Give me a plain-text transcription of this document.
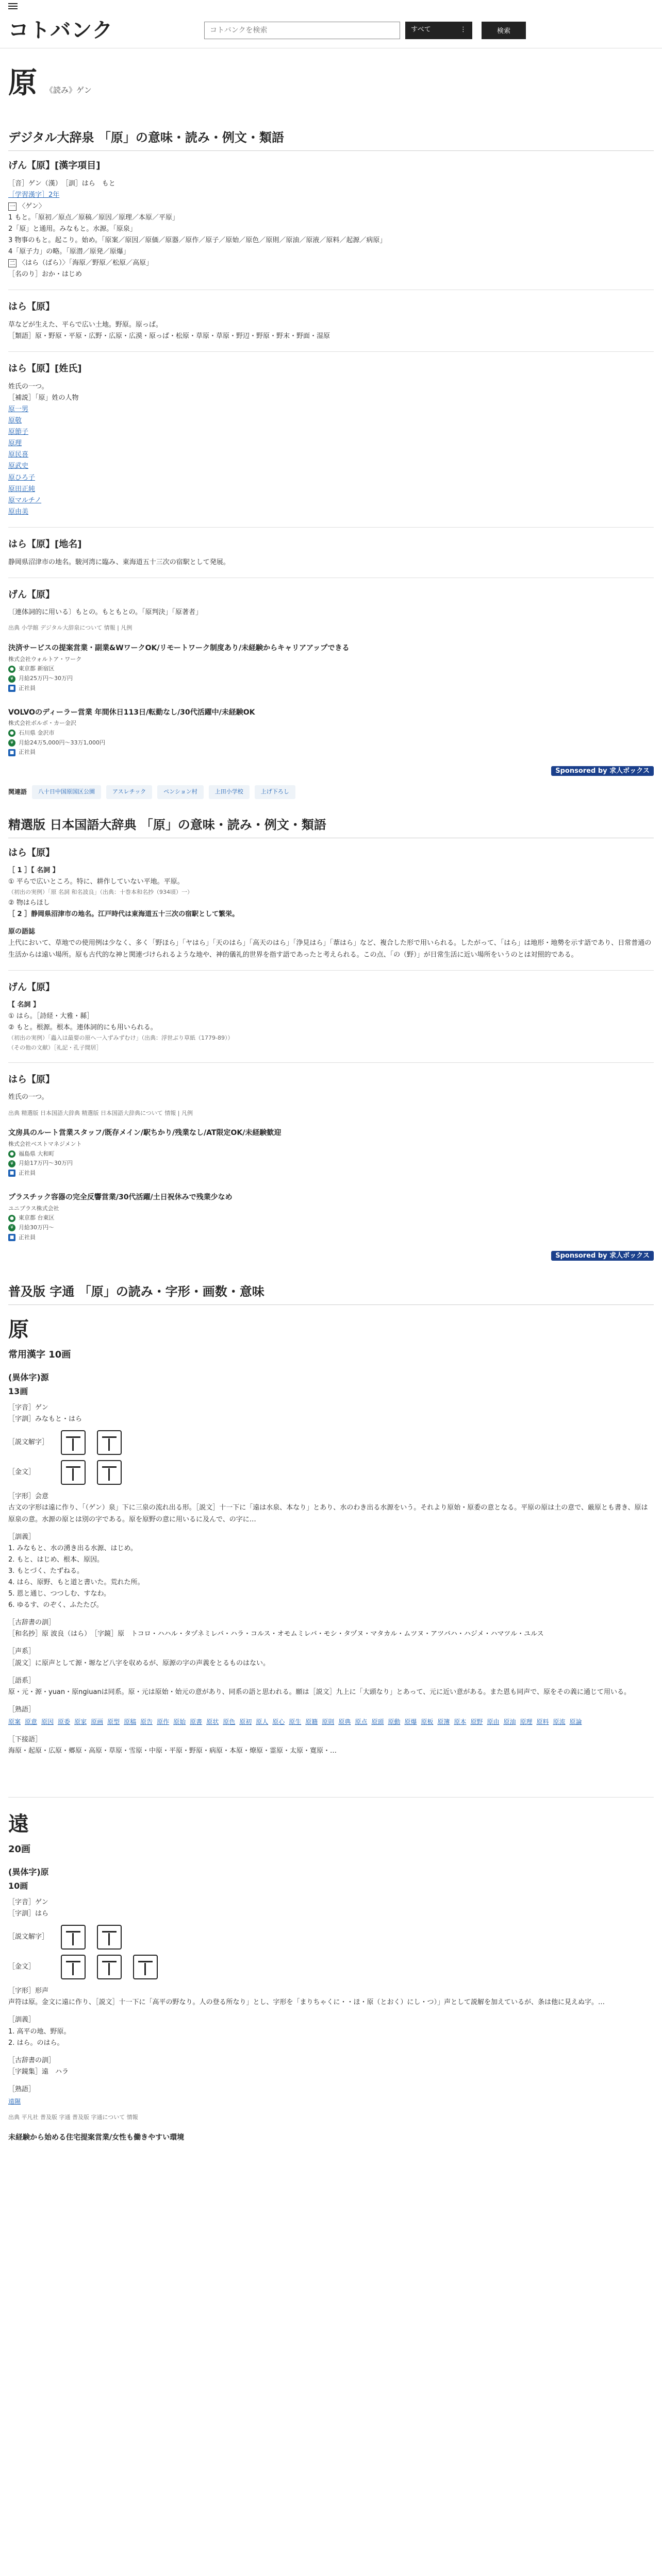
コトバンク
コトバンクを検索	すべて	⋮	検索
原 《読み》ゲン
デジタル大辞泉 「原」の意味・読み・例文・類語
げん【原】[漢字項目]
［音］ゲン（漢）　［訓］はら　もと
［学習漢字］2年
一 〈ゲン〉
1 もと。「原初／原点／原稿／原因／原理／本原／平原」
2「原」と通用。みなもと。水源。「原泉」
3 物事のもと。起こり。始め。「原案／原因／原価／原器／原作／原子／原始／原色／原則／原油／原液／原料／起源／病原」
4「原子力」の略。「原潜／原発／原爆」
二 〈はら（ばら）〉「海原／野原／松原／高原」
［名のり］おか・はじめ
はら【原】
草などが生えた、平らで広い土地。野原。原っぱ。
［類語］原・野原・平原・広野・広原・広漠・原っぱ・松原・草原・草原・野辺・野原・野末・野面・湿原
はら【原】[姓氏]
姓氏の一つ。
［補説］「原」姓の人物
原一男
原敬
原節子
原理
原民喜
原武史
原ひろ子
原田正純
原マルチノ
原由美
はら【原】[地名]
静岡県沼津市の地名。駿河湾に臨み、東海道五十三次の宿駅として発展。
げん【原】
〔連体詞的に用いる〕もとの。もともとの。「原判決」「原著者」
出典 小学館 デジタル大辞泉について 情報 | 凡例
決済サービスの提案営業・副業&WワークOK/リモートワーク制度あり/未経験からキャリアアップできる
株式会社ウォルトア・ワーク
● 東京都 新宿区
¥ 月給25万円〜30万円
■ 正社員
VOLVOのディーラー営業 年間休日113日/転勤なし/30代活躍中/未経験OK
株式会社ボルボ・カー金沢
● 石川県 金沢市
¥ 月給24万5,000円〜33万1,000円
■ 正社員
Sponsored by 求人ボックス
関連語	八十日中国原国区公園	アスレチック	ペンション村	上田小学校	上げ下ろし
精選版 日本国語大辞典 「原」の意味・読み・例文・類語
はら【原】
［ 1 ］【 名詞 】
① 平らで広いところ。特に、耕作していない平地。平原。
（初出の実例）「原 名詞 和名波良」（出典：十巻本和名抄（934頃）一）
② 物はらほし
［ 2 ］静岡県沼津市の地名。江戸時代は東海道五十三次の宿駅として繁栄。
原の語誌
上代において、草地での使用例は少なく、多く「野ほら」「ヤはら」「天のはら」「高天のはら」「浄見はら」「葦はら」など、複合した形で用いられる。したがって、「はら」は地形・地勢を示す語であり、日常普通の生活からは遠い場所。原も古代的な神と関連づけられるような地や、神的儀礼的世界を指す語であったと考えられる。この点、「の（野）」が日常生活に近い場所をいうのとは対照的である。
げん【原】
【 名詞 】
① はら。［詩経・大雅・縣］
② もと。根源。根本。連体詞的にも用いられる。
（初出の実例）「蟲入は最要の原へ一入ずみずむけ」（出典：浮世ぶり草紙（1779-89））
（その他の文献）［礼記・孔子閒居］
はら【原】
姓氏の一つ。
出典 精選版 日本国語大辞典 精選版 日本国語大辞典について 情報 | 凡例
文房具のルート営業スタッフ/既存メイン/駅ちかり/残業なし/AT限定OK/未経験歓迎
株式会社ベストマネジメント
● 福島県 大和町
¥ 月給17万円〜30万円
■ 正社員
プラスチック容器の完全反響営業/30代活躍/土日祝休みで残業少なめ
ユニプラス株式会社
● 東京都 台東区
¥ 月給30万円〜
■ 正社員
Sponsored by 求人ボックス
普及版 字通 「原」の読み・字形・画数・意味
原
常用漢字 10画
(異体字)源
13画
［字音］ゲン
［字訓］みなもと・はら
［説文解字］
［金文］
［字形］会意
古文の字形は遠に作り、「（ゲン）泉」下に三泉の流れ出る形。［説文］十一下に「遠は水泉、本なり」とあり、水のわき出る水源をいう。それより原始・原委の意となる。平原の原は土の意で、厳原とも書き、原は原泉の意。水源の原とは別の字である。原を原野の意に用いるに及んで、の字に…
［訓義］
1. みなもと、水の湧き出る水源、はじめ。
2. もと、はじめ、根本、原因。
3. もとづく、たずねる。
4. はら、原野、もと道と書いた。荒れた所。
5. 恩と通じ、つつしむ、すなわ。
6. ゆるす、のぞく、ふたたび。
［古辞書の訓］
［和名抄］原 波良（はら）　［字鏡］原　トコロ・ハハル・タヅネミレバ・ハラ・コルス・オモムミレバ・モシ・タヅヌ・マタカル・ムツヌ・アツバハ・ハジメ・ハマツル・ユルス
［声系］
［説文］に原声として源・塬など八字を収めるが、原源の字の声義をとるものはない。
［語系］
原・元・源・yuan・原ngiuanは同系。原・元は原始・始元の意があり、同系の語と思われる。願は［説文］九上に「大頭なり」とあって、元に近い意がある。また恩も同声で、原をその義に通じて用いる。
［熟語］
原案 原意 原因 原委 原家 原画 原型 原稿 原告 原作 原始 原書 原状 原色 原初 原人 原心 原生 原籍 原則 原典 原点 原頭 原動 原爆 原板 原簿 原本 原野 原由 原油 原理 原料 原流 原論
［下接語］
海原・起原・広原・郷原・高原・草原・雪原・中原・平原・野原・病原・本原・燎原・霊原・太原・寛原・…
遠
20画
(異体字)原
10画
［字音］ゲン
［字訓］はら
［説文解字］
［金文］
［字形］形声
声符は原。金文に遠に作り、［説文］十一下に「高平の野なり。人の登る所なり」とし、字形を「まりちゃくに・・ほ・原（とおく）にし・つ）」声として説解を加えているが、条は他に見えぬ字。…
［訓義］
1. 高平の地、野原。
2. はら。のはら。
［古辞書の訓］
［字鏡集］遠　ハラ
［熟語］
遠隰
出典 平凡社 普及版 字通 普及版 字通について 情報
未経験から始める住宅提案営業/女性も働きやすい環境
